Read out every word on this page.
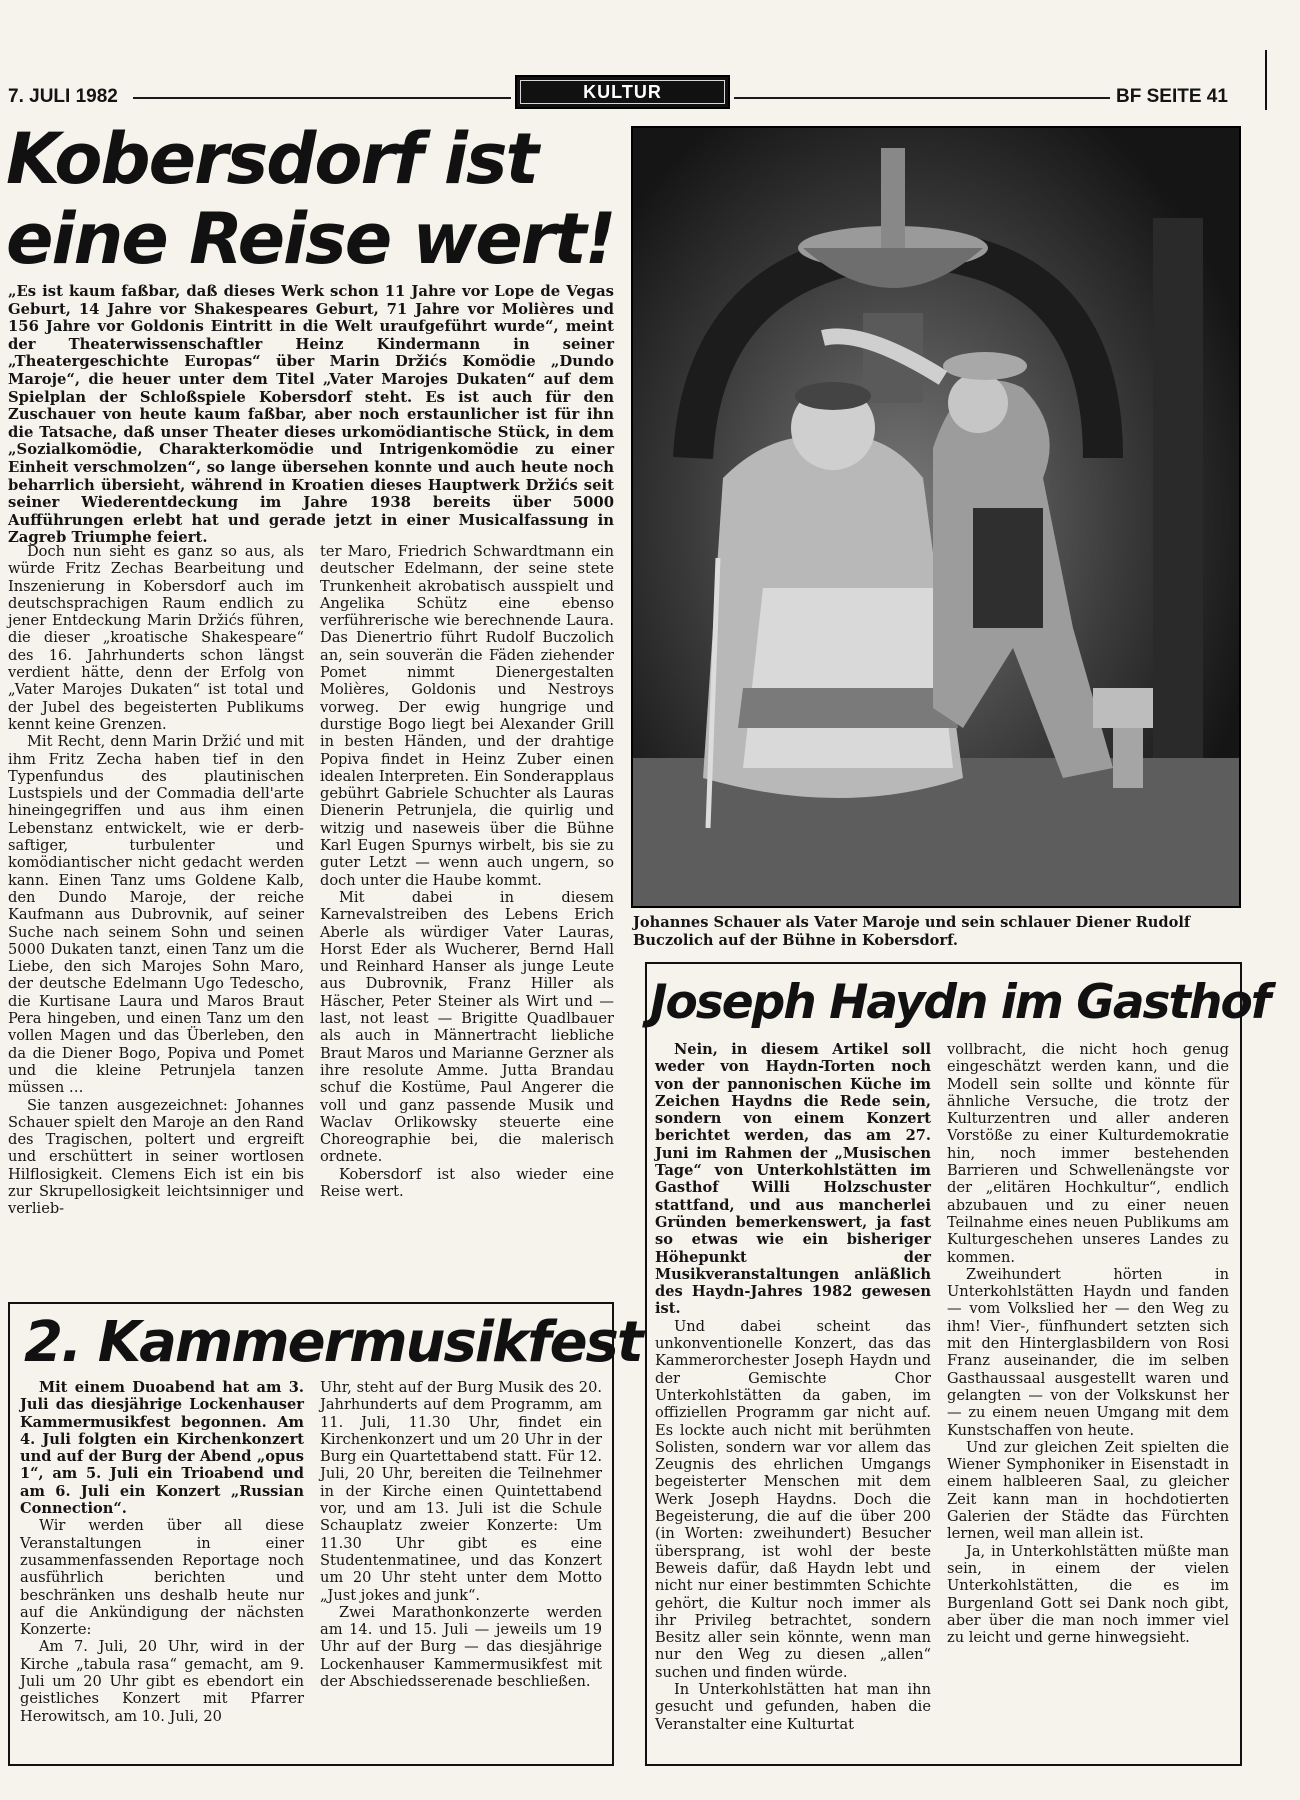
7. JULI 1982	KULTUR	BF SEITE 41
Kobersdorf ist
eine Reise wert!
„Es ist kaum faßbar, daß dieses Werk schon 11 Jahre vor Lope de Vegas Geburt, 14 Jahre vor Shakespeares Geburt, 71 Jahre vor Molières und 156 Jahre vor Goldonis Eintritt in die Welt uraufgeführt wurde“, meint der Theaterwissenschaftler Heinz Kindermann in seiner „Theatergeschichte Europas“ über Marin Držićs Komödie „Dundo Maroje“, die heuer unter dem Titel „Vater Marojes Dukaten“ auf dem Spielplan der Schloßspiele Kobersdorf steht. Es ist auch für den Zuschauer von heute kaum faßbar, aber noch erstaunlicher ist für ihn die Tatsache, daß unser Theater dieses urkomödiantische Stück, in dem „Sozialkomödie, Charakterkomödie und Intrigenkomödie zu einer Einheit verschmolzen“, so lange übersehen konnte und auch heute noch beharrlich übersieht, während in Kroatien dieses Hauptwerk Držićs seit seiner Wiederentdeckung im Jahre 1938 bereits über 5000 Aufführungen erlebt hat und gerade jetzt in einer Musicalfassung in Zagreb Triumphe feiert.

Doch nun sieht es ganz so aus, als würde Fritz Zechas Bearbeitung und Inszenierung in Kobersdorf auch im deutschsprachigen Raum endlich zu jener Entdeckung Marin Držićs führen, die dieser „kroatische Shakespeare“ des 16. Jahrhunderts schon längst verdient hätte, denn der Erfolg von „Vater Marojes Dukaten“ ist total und der Jubel des begeisterten Publikums kennt keine Grenzen.

Mit Recht, denn Marin Držić und mit ihm Fritz Zecha haben tief in den Typenfundus des plautinischen Lustspiels und der Commadia dell'arte hineingegriffen und aus ihm einen Lebenstanz entwickelt, wie er derb-saftiger, turbulenter und komödiantischer nicht gedacht werden kann. Einen Tanz ums Goldene Kalb, den Dundo Maroje, der reiche Kaufmann aus Dubrovnik, auf seiner Suche nach seinem Sohn und seinen 5000 Dukaten tanzt, einen Tanz um die Liebe, den sich Marojes Sohn Maro, der deutsche Edelmann Ugo Tedescho, die Kurtisane Laura und Maros Braut Pera hingeben, und einen Tanz um den vollen Magen und das Überleben, den da die Diener Bogo, Popiva und Pomet und die kleine Petrunjela tanzen müssen …

Sie tanzen ausgezeichnet: Johannes Schauer spielt den Maroje an den Rand des Tragischen, poltert und ergreift und erschüttert in seiner wortlosen Hilflosigkeit. Clemens Eich ist ein bis zur Skrupellosigkeit leichtsinniger und verlieb-

ter Maro, Friedrich Schwardtmann ein deutscher Edelmann, der seine stete Trunkenheit akrobatisch ausspielt und Angelika Schütz eine ebenso verführerische wie berechnende Laura. Das Dienertrio führt Rudolf Buczolich an, sein souverän die Fäden ziehender Pomet nimmt Dienergestalten Molières, Goldonis und Nestroys vorweg. Der ewig hungrige und durstige Bogo liegt bei Alexander Grill in besten Händen, und der drahtige Popiva findet in Heinz Zuber einen idealen Interpreten. Ein Sonderapplaus gebührt Gabriele Schuchter als Lauras Dienerin Petrunjela, die quirlig und witzig und naseweis über die Bühne Karl Eugen Spurnys wirbelt, bis sie zu guter Letzt — wenn auch ungern, so doch unter die Haube kommt.

Mit dabei in diesem Karnevalstreiben des Lebens Erich Aberle als würdiger Vater Lauras, Horst Eder als Wucherer, Bernd Hall und Reinhard Hanser als junge Leute aus Dubrovnik, Franz Hiller als Häscher, Peter Steiner als Wirt und — last, not least — Brigitte Quadlbauer als auch in Männertracht liebliche Braut Maros und Marianne Gerzner als ihre resolute Amme. Jutta Brandau schuf die Kostüme, Paul Angerer die voll und ganz passende Musik und Waclav Orlikowsky steuerte eine Choreographie bei, die malerisch ordnete.

Kobersdorf ist also wieder eine Reise wert.

Johannes Schauer als Vater Maroje und sein schlauer Diener Rudolf Buczolich auf der Bühne in Kobersdorf.
2. Kammermusikfest

Mit einem Duoabend hat am 3. Juli das diesjährige Lockenhauser Kammermusikfest begonnen. Am 4. Juli folgten ein Kirchenkonzert und auf der Burg der Abend „opus 1“, am 5. Juli ein Trioabend und am 6. Juli ein Konzert „Russian Connection“.

Wir werden über all diese Veranstaltungen in einer zusammenfassenden Reportage noch ausführlich berichten und beschränken uns deshalb heute nur auf die Ankündigung der nächsten Konzerte:

Am 7. Juli, 20 Uhr, wird in der Kirche „tabula rasa“ gemacht, am 9. Juli um 20 Uhr gibt es ebendort ein geistliches Konzert mit Pfarrer Herowitsch, am 10. Juli, 20

Uhr, steht auf der Burg Musik des 20. Jahrhunderts auf dem Programm, am 11. Juli, 11.30 Uhr, findet ein Kirchenkonzert und um 20 Uhr in der Burg ein Quartettabend statt. Für 12. Juli, 20 Uhr, bereiten die Teilnehmer in der Kirche einen Quintettabend vor, und am 13. Juli ist die Schule Schauplatz zweier Konzerte: Um 11.30 Uhr gibt es eine Studentenmatinee, und das Konzert um 20 Uhr steht unter dem Motto „Just jokes and junk“.

Zwei Marathonkonzerte werden am 14. und 15. Juli — jeweils um 19 Uhr auf der Burg — das diesjährige Lockenhauser Kammermusikfest mit der Abschiedsserenade beschließen.

Joseph Haydn im Gasthof

Nein, in diesem Artikel soll weder von Haydn-Torten noch von der pannonischen Küche im Zeichen Haydns die Rede sein, sondern von einem Konzert berichtet werden, das am 27. Juni im Rahmen der „Musischen Tage“ von Unterkohlstätten im Gasthof Willi Holzschuster stattfand, und aus mancherlei Gründen bemerkenswert, ja fast so etwas wie ein bisheriger Höhepunkt der Musikveranstaltungen anläßlich des Haydn-Jahres 1982 gewesen ist.

Und dabei scheint das unkonventionelle Konzert, das das Kammerorchester Joseph Haydn und der Gemischte Chor Unterkohlstätten da gaben, im offiziellen Programm gar nicht auf. Es lockte auch nicht mit berühmten Solisten, sondern war vor allem das Zeugnis des ehrlichen Umgangs begeisterter Menschen mit dem Werk Joseph Haydns. Doch die Begeisterung, die auf die über 200 (in Worten: zweihundert) Besucher übersprang, ist wohl der beste Beweis dafür, daß Haydn lebt und nicht nur einer bestimmten Schichte gehört, die Kultur noch immer als ihr Privileg betrachtet, sondern Besitz aller sein könnte, wenn man nur den Weg zu diesen „allen“ suchen und finden würde.

In Unterkohlstätten hat man ihn gesucht und gefunden, haben die Veranstalter eine Kulturtat

vollbracht, die nicht hoch genug eingeschätzt werden kann, und die Modell sein sollte und könnte für ähnliche Versuche, die trotz der Kulturzentren und aller anderen Vorstöße zu einer Kulturdemokratie hin, noch immer bestehenden Barrieren und Schwellenängste vor der „elitären Hochkultur“, endlich abzubauen und zu einer neuen Teilnahme eines neuen Publikums am Kulturgeschehen unseres Landes zu kommen.

Zweihundert hörten in Unterkohlstätten Haydn und fanden — vom Volkslied her — den Weg zu ihm! Vier-, fünfhundert setzten sich mit den Hinterglasbildern von Rosi Franz auseinander, die im selben Gasthaussaal ausgestellt waren und gelangten — von der Volkskunst her — zu einem neuen Umgang mit dem Kunstschaffen von heute.

Und zur gleichen Zeit spielten die Wiener Symphoniker in Eisenstadt in einem halbleeren Saal, zu gleicher Zeit kann man in hochdotierten Galerien der Städte das Fürchten lernen, weil man allein ist.

Ja, in Unterkohlstätten müßte man sein, in einem der vielen Unterkohlstätten, die es im Burgenland Gott sei Dank noch gibt, aber über die man noch immer viel zu leicht und gerne hinwegsieht.
